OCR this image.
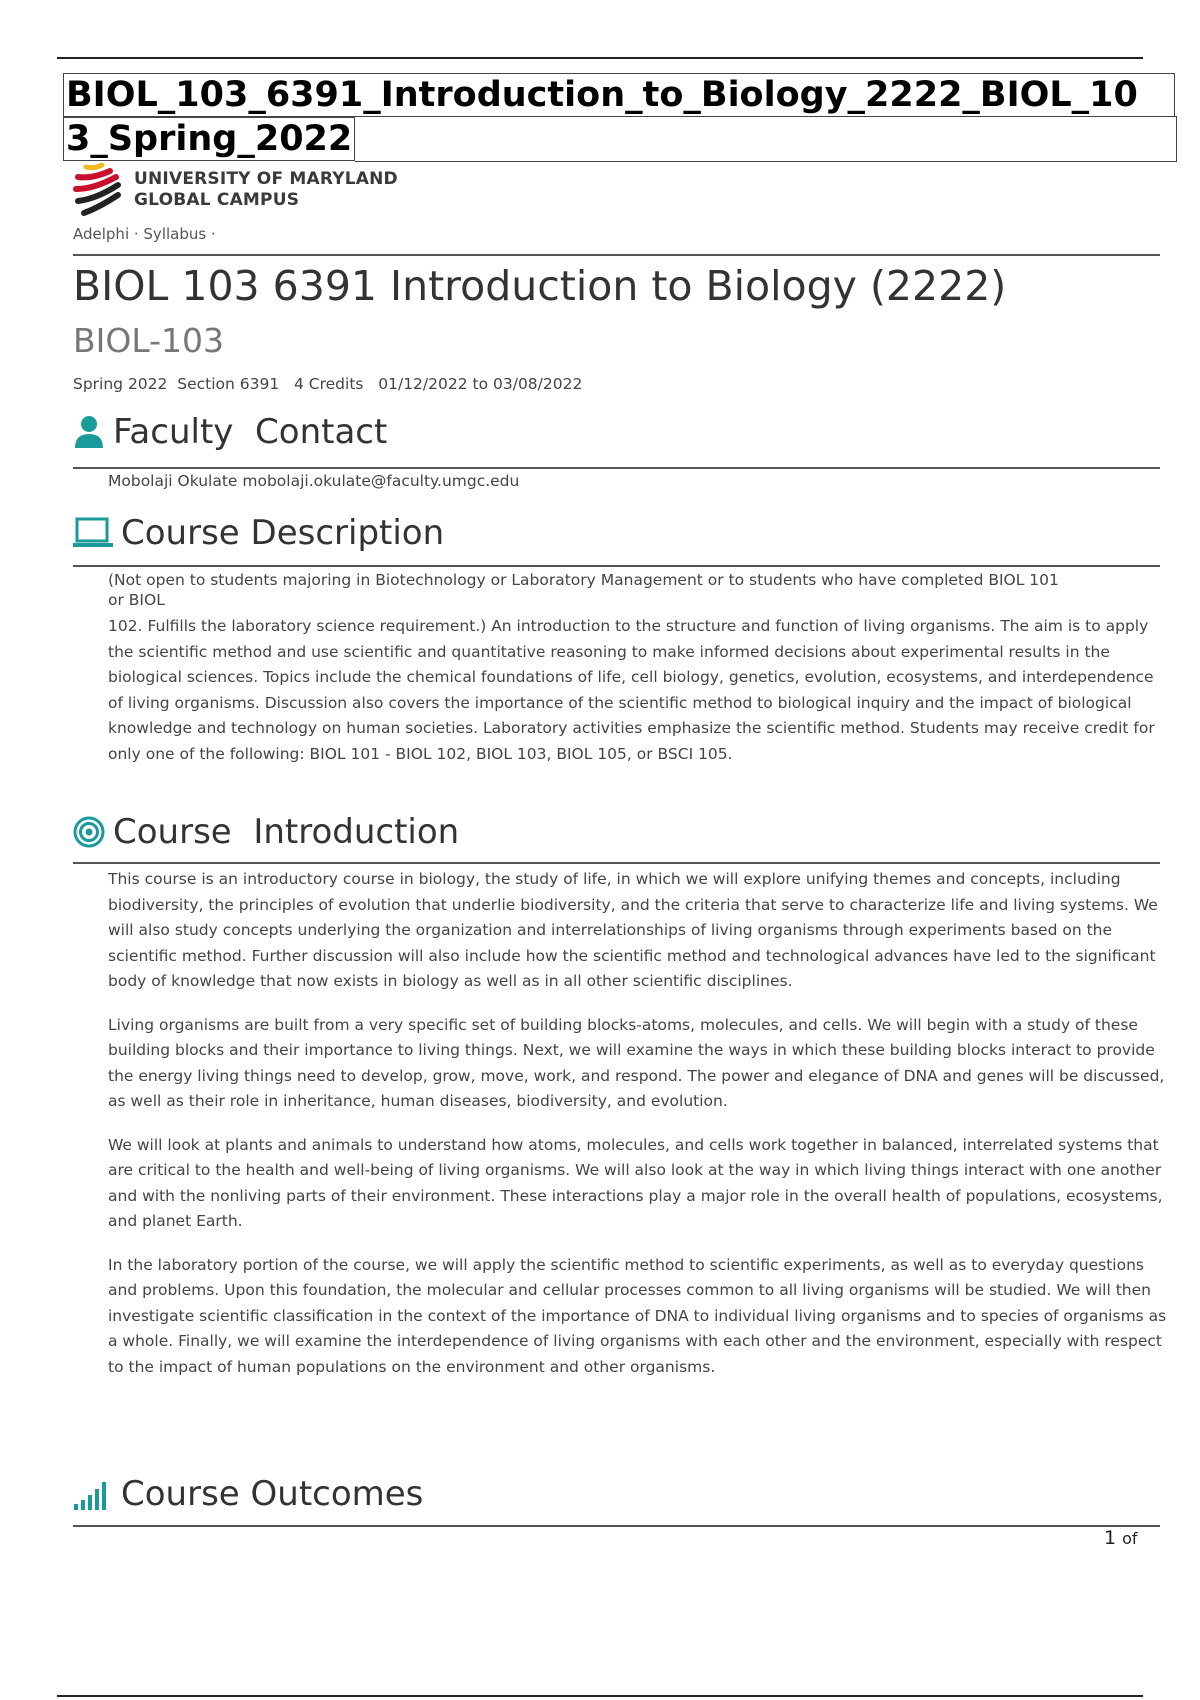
BIOL_103_6391_Introduction_to_Biology_2222_BIOL_10
3_Spring_2022
UNIVERSITY OF MARYLAND
GLOBAL CAMPUS
Adelphi · Syllabus ·
BIOL 103 6391 Introduction to Biology (2222)
BIOL-103
Spring 2022  Section 6391   4 Credits   01/12/2022 to 03/08/2022
Faculty  Contact
Mobolaji Okulate mobolaji.okulate@faculty.umgc.edu
Course Description
(Not open to students majoring in Biotechnology or Laboratory Management or to students who have completed BIOL 101
or BIOL
102. Fulfills the laboratory science requirement.) An introduction to the structure and function of living organisms. The aim is to apply the scientific method and use scientific and quantitative reasoning to make informed decisions about experimental results in the biological sciences. Topics include the chemical foundations of life, cell biology, genetics, evolution, ecosystems, and interdependence of living organisms. Discussion also covers the importance of the scientific method to biological inquiry and the impact of biological knowledge and technology on human societies. Laboratory activities emphasize the scientific method. Students may receive credit for only one of the following: BIOL 101 - BIOL 102, BIOL 103, BIOL 105, or BSCI 105.
Course  Introduction

This course is an introductory course in biology, the study of life, in which we will explore unifying themes and concepts, including biodiversity, the principles of evolution that underlie biodiversity, and the criteria that serve to characterize life and living systems. We will also study concepts underlying the organization and interrelationships of living organisms through experiments based on the scientific method. Further discussion will also include how the scientific method and technological advances have led to the significant body of knowledge that now exists in biology as well as in all other scientific disciplines.

Living organisms are built from a very specific set of building blocks-atoms, molecules, and cells. We will begin with a study of these building blocks and their importance to living things. Next, we will examine the ways in which these building blocks interact to provide the energy living things need to develop, grow, move, work, and respond. The power and elegance of DNA and genes will be discussed, as well as their role in inheritance, human diseases, biodiversity, and evolution.

We will look at plants and animals to understand how atoms, molecules, and cells work together in balanced, interrelated systems that are critical to the health and well-being of living organisms. We will also look at the way in which living things interact with one another and with the nonliving parts of their environment. These interactions play a major role in the overall health of populations, ecosystems, and planet Earth.

In the laboratory portion of the course, we will apply the scientific method to scientific experiments, as well as to everyday questions and problems. Upon this foundation, the molecular and cellular processes common to all living organisms will be studied. We will then investigate scientific classification in the context of the importance of DNA to individual living organisms and to species of organisms as a whole. Finally, we will examine the interdependence of living organisms with each other and the environment, especially with respect to the impact of human populations on the environment and other organisms.

Course Outcomes
1 of
